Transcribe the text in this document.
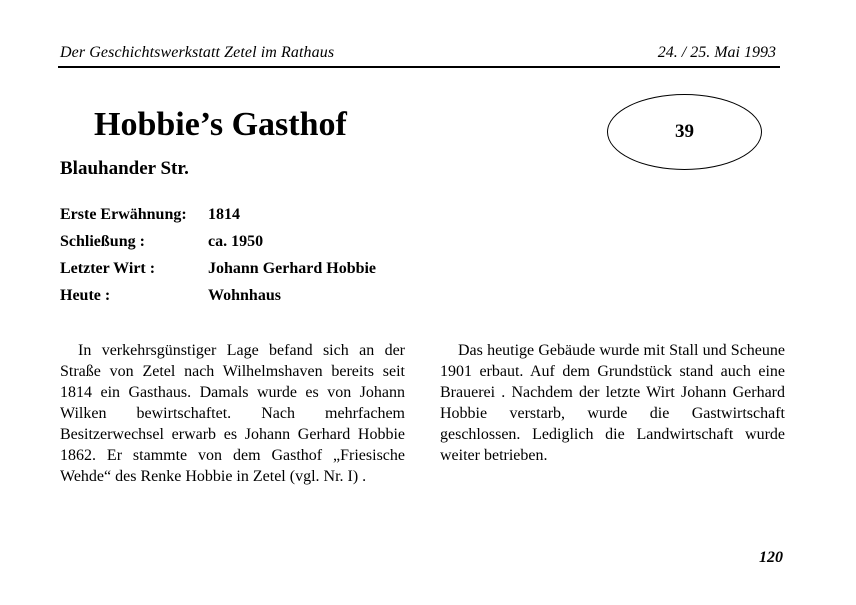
Der Geschichtswerkstatt Zetel im Rathaus	24. / 25. Mai 1993
Hobbie’s Gasthof	39
Blauhander Str.
Erste Erwähnung:	1814
Schließung :	ca. 1950
Letzter Wirt :	Johann Gerhard Hobbie
Heute :	Wohnhaus

In verkehrsgünstiger Lage befand sich an der Straße von Zetel nach Wilhelmshaven bereits seit 1814 ein Gasthaus. Damals wurde es von Johann Wilken bewirtschaftet. Nach mehrfachem Besitzerwechsel erwarb es Johann Gerhard Hobbie 1862. Er stammte von dem Gasthof „Friesische Wehde“ des Renke Hobbie in Zetel (vgl. Nr. I) .

Das heutige Gebäude wurde mit Stall und Scheune 1901 erbaut. Auf dem Grundstück stand auch eine Brauerei . Nachdem der letzte Wirt Johann Gerhard Hobbie verstarb, wurde die Gastwirtschaft geschlossen. Lediglich die Landwirtschaft wurde weiter betrieben.

120
